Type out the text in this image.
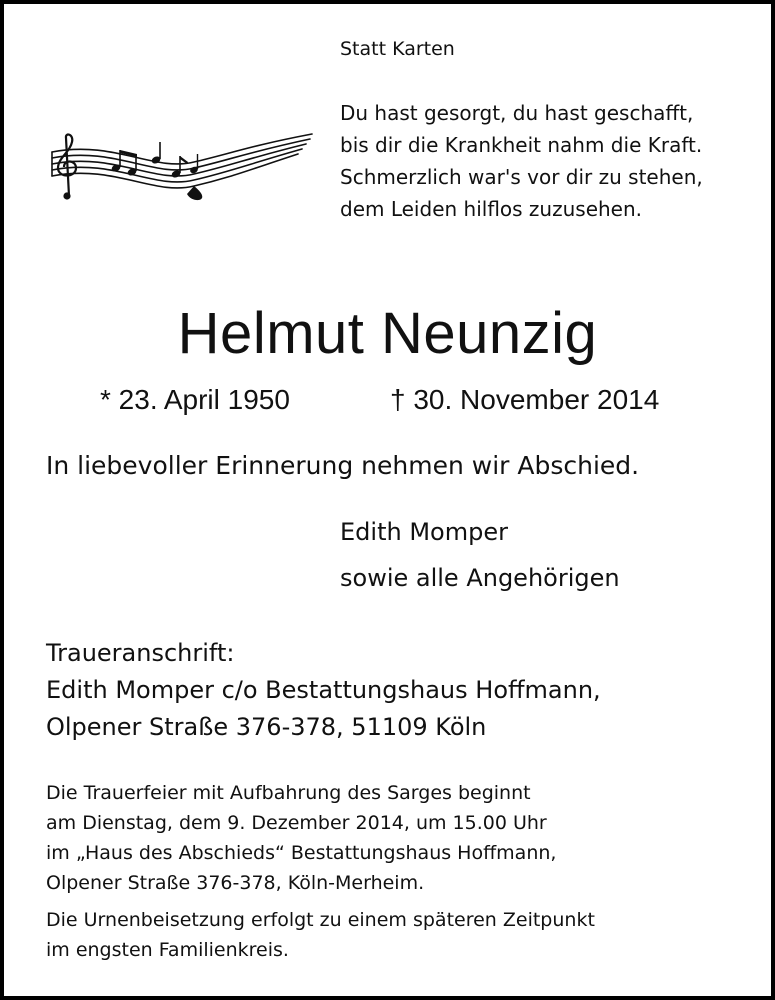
Statt Karten

Du hast gesorgt, du hast geschafft,
bis dir die Krankheit nahm die Kraft.
Schmerzlich war's vor dir zu stehen,
dem Leiden hilflos zuzusehen.

Helmut Neunzig

* 23. April 1950	† 30. November 2014

In liebevoller Erinnerung nehmen wir Abschied.

Edith Momper
sowie alle Angehörigen

Traueranschrift:
Edith Momper c/o Bestattungshaus Hoffmann,
Olpener Straße 376-378, 51109 Köln

Die Trauerfeier mit Aufbahrung des Sarges beginnt
am Dienstag, dem 9. Dezember 2014, um 15.00 Uhr
im „Haus des Abschieds“ Bestattungshaus Hoffmann,
Olpener Straße 376-378, Köln-Merheim.

Die Urnenbeisetzung erfolgt zu einem späteren Zeitpunkt
im engsten Familienkreis.
